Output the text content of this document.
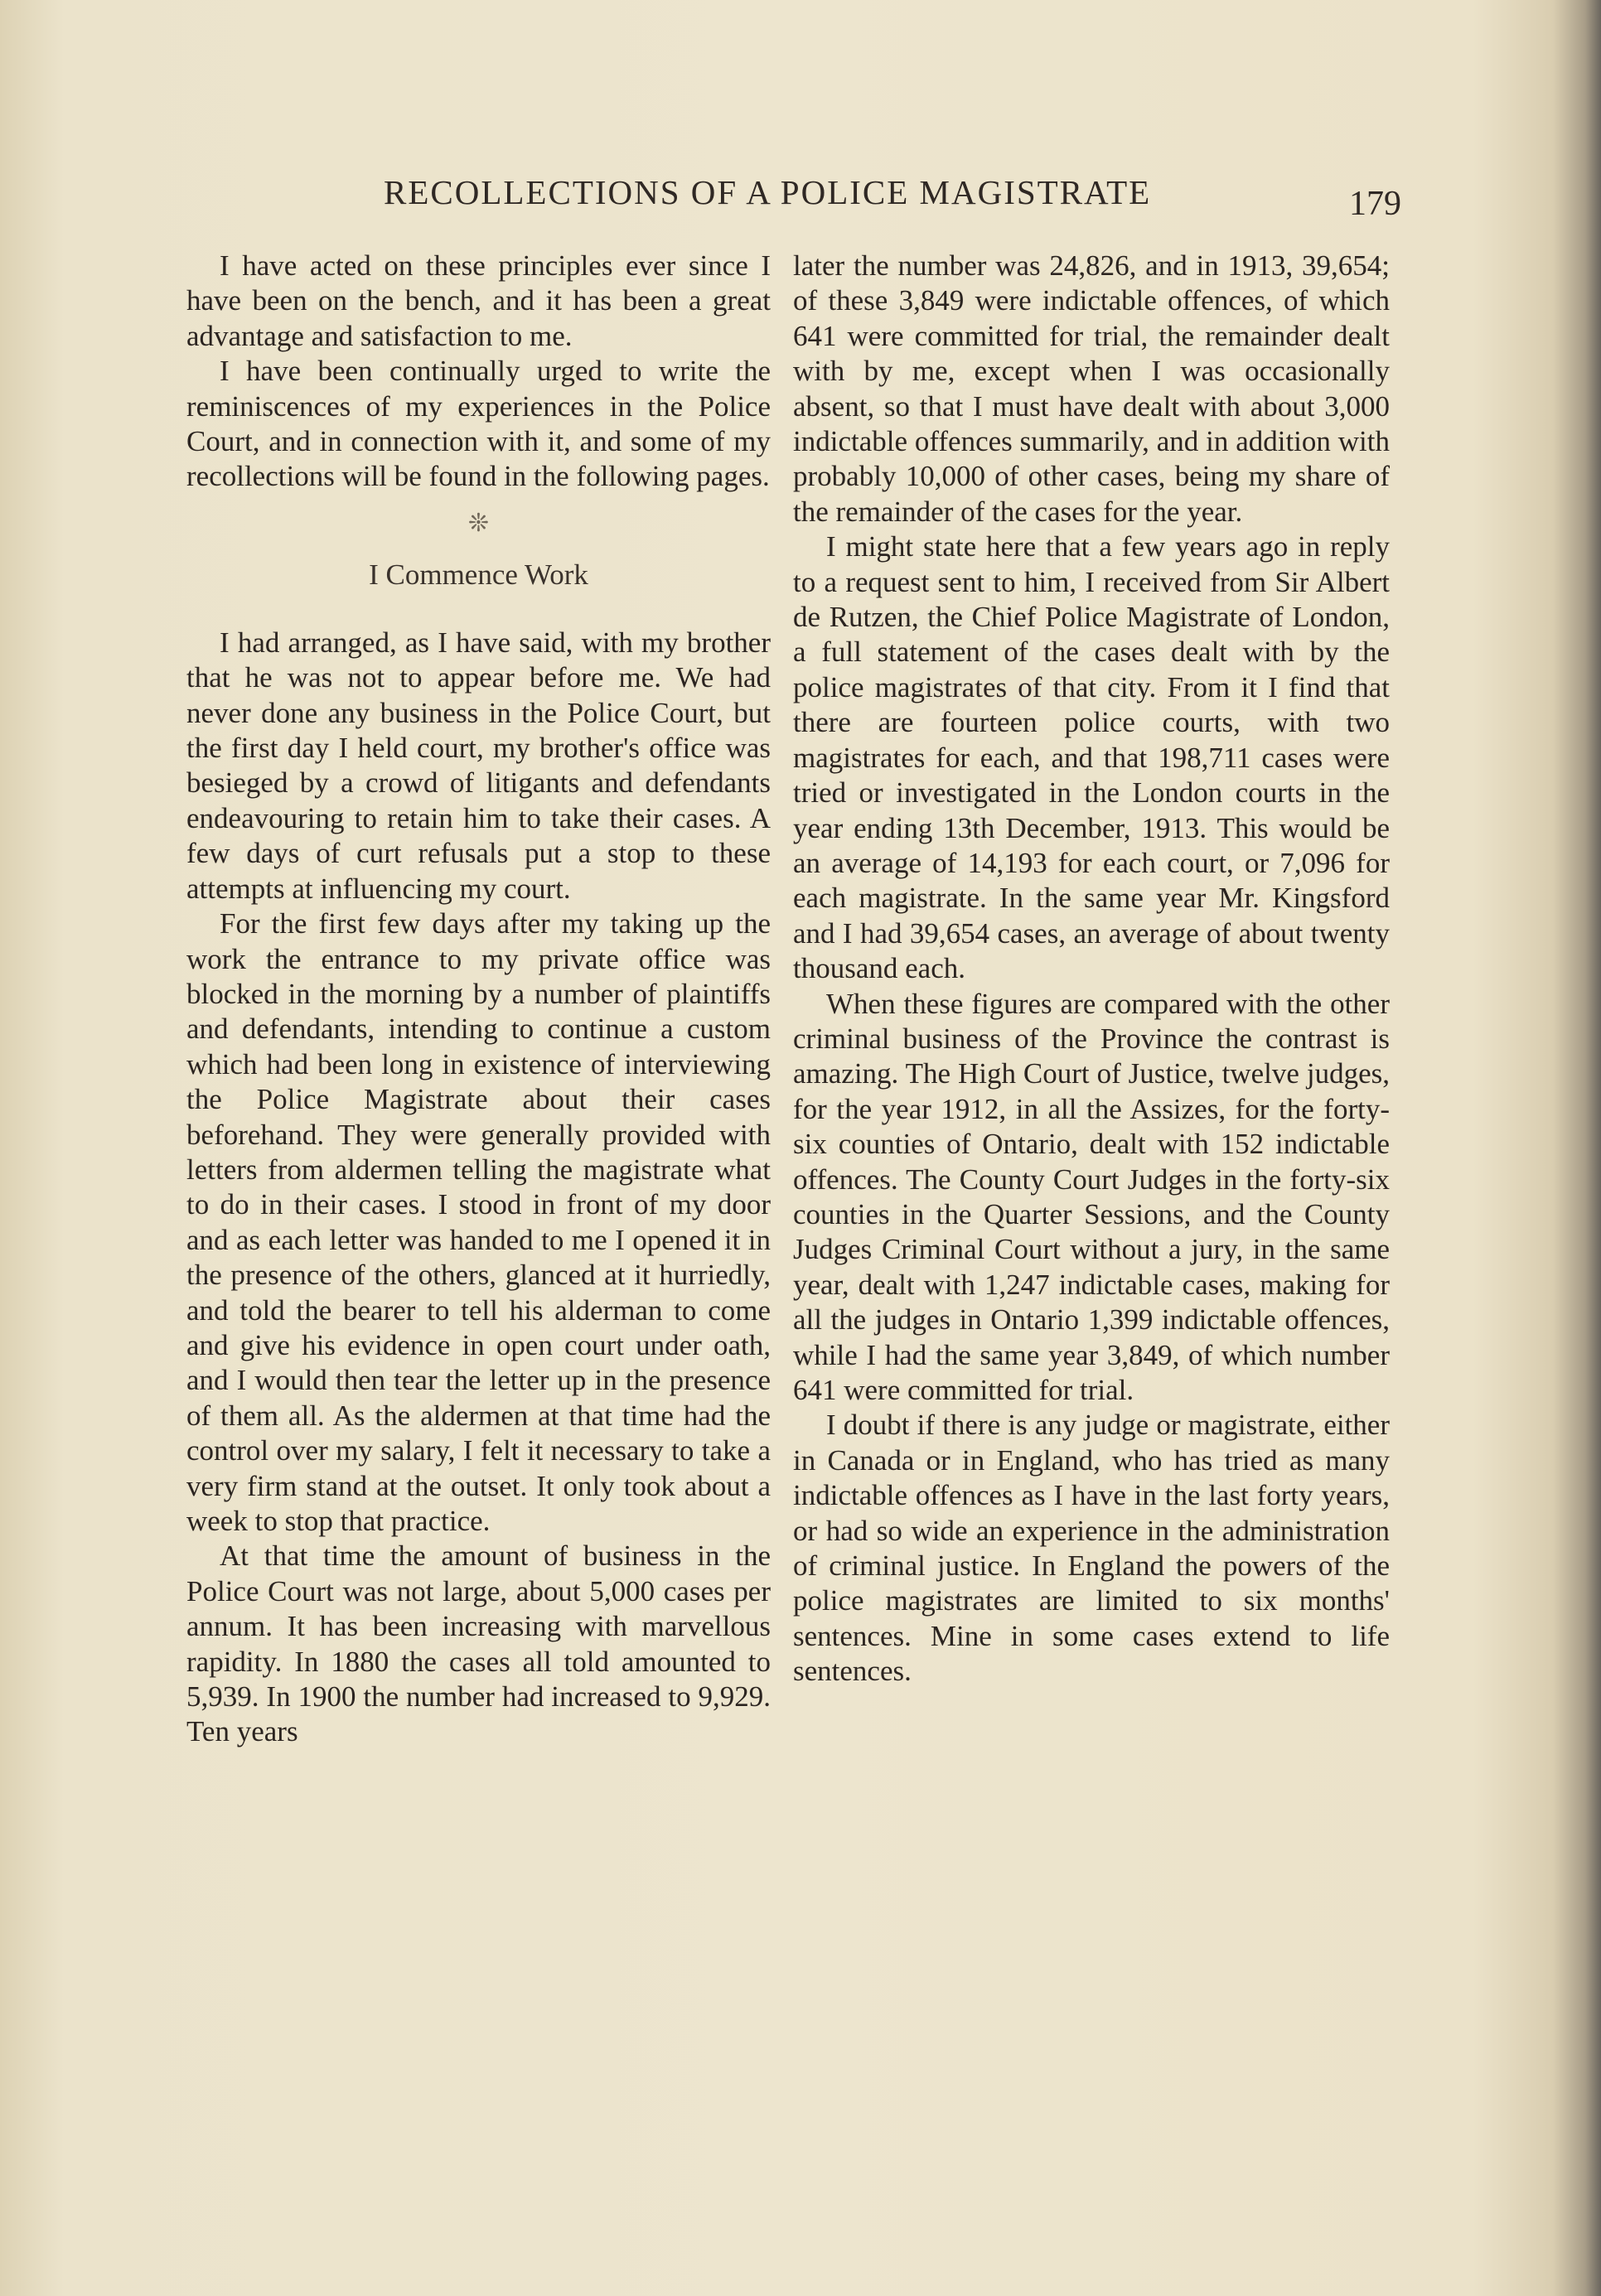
RECOLLECTIONS OF A POLICE MAGISTRATE	179

I have acted on these principles ever since I have been on the bench, and it has been a great advantage and satisfaction to me.

I have been continually urged to write the reminiscences of my experiences in the Police Court, and in connection with it, and some of my recollections will be found in the following pages.

❊
I Commence Work

I had arranged, as I have said, with my brother that he was not to appear before me. We had never done any business in the Police Court, but the first day I held court, my brother's office was besieged by a crowd of litigants and defendants endeavouring to retain him to take their cases. A few days of curt refusals put a stop to these attempts at influencing my court.

For the first few days after my taking up the work the entrance to my private office was blocked in the morning by a number of plaintiffs and defendants, intending to continue a custom which had been long in existence of interviewing the Police Magistrate about their cases beforehand. They were generally provided with letters from aldermen telling the magistrate what to do in their cases. I stood in front of my door and as each letter was handed to me I opened it in the presence of the others, glanced at it hurriedly, and told the bearer to tell his alderman to come and give his evidence in open court under oath, and I would then tear the letter up in the presence of them all. As the aldermen at that time had the control over my salary, I felt it necessary to take a very firm stand at the outset. It only took about a week to stop that practice.

At that time the amount of business in the Police Court was not large, about 5,000 cases per annum. It has been increasing with marvellous rapidity. In 1880 the cases all told amounted to 5,939. In 1900 the number had increased to 9,929. Ten years

later the number was 24,826, and in 1913, 39,654; of these 3,849 were indictable offences, of which 641 were committed for trial, the remainder dealt with by me, except when I was occasionally absent, so that I must have dealt with about 3,000 indictable offences summarily, and in addition with probably 10,000 of other cases, being my share of the remainder of the cases for the year.

I might state here that a few years ago in reply to a request sent to him, I received from Sir Albert de Rutzen, the Chief Police Magistrate of London, a full statement of the cases dealt with by the police magistrates of that city. From it I find that there are fourteen police courts, with two magistrates for each, and that 198,711 cases were tried or investigated in the London courts in the year ending 13th December, 1913. This would be an average of 14,193 for each court, or 7,096 for each magistrate. In the same year Mr. Kingsford and I had 39,654 cases, an average of about twenty thousand each.

When these figures are compared with the other criminal business of the Province the contrast is amazing. The High Court of Justice, twelve judges, for the year 1912, in all the Assizes, for the forty-six counties of Ontario, dealt with 152 indictable offences. The County Court Judges in the forty-six counties in the Quarter Sessions, and the County Judges Criminal Court without a jury, in the same year, dealt with 1,247 indictable cases, making for all the judges in Ontario 1,399 indictable offences, while I had the same year 3,849, of which number 641 were committed for trial.

I doubt if there is any judge or magistrate, either in Canada or in England, who has tried as many indictable offences as I have in the last forty years, or had so wide an experience in the administration of criminal justice. In England the powers of the police magistrates are limited to six months' sentences. Mine in some cases extend to life sentences.
